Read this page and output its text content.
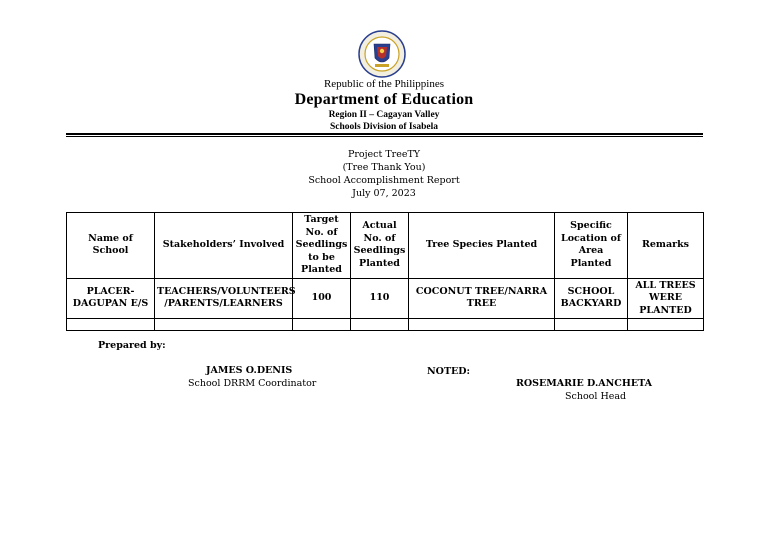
Republic of the Philippines
Department of Education
Region II – Cagayan Valley
Schools Division of Isabela
Project TreeTY
(Tree Thank You)
School Accomplishment Report
July 07, 2023
Name of School	Stakeholders’ Involved	Target No. of Seedlings to be Planted	Actual No. of Seedlings Planted	Tree Species Planted	Specific Location of Area Planted	Remarks
PLACER-DAGUPAN E/S	TEACHERS/VOLUNTEERS /PARENTS/LEARNERS	100	110	COCONUT TREE/NARRA TREE	SCHOOL BACKYARD	ALL TREES WERE PLANTED

Prepared by:
JAMES O.DENIS
School DRRM Coordinator
NOTED:
ROSEMARIE D.ANCHETA
School Head
